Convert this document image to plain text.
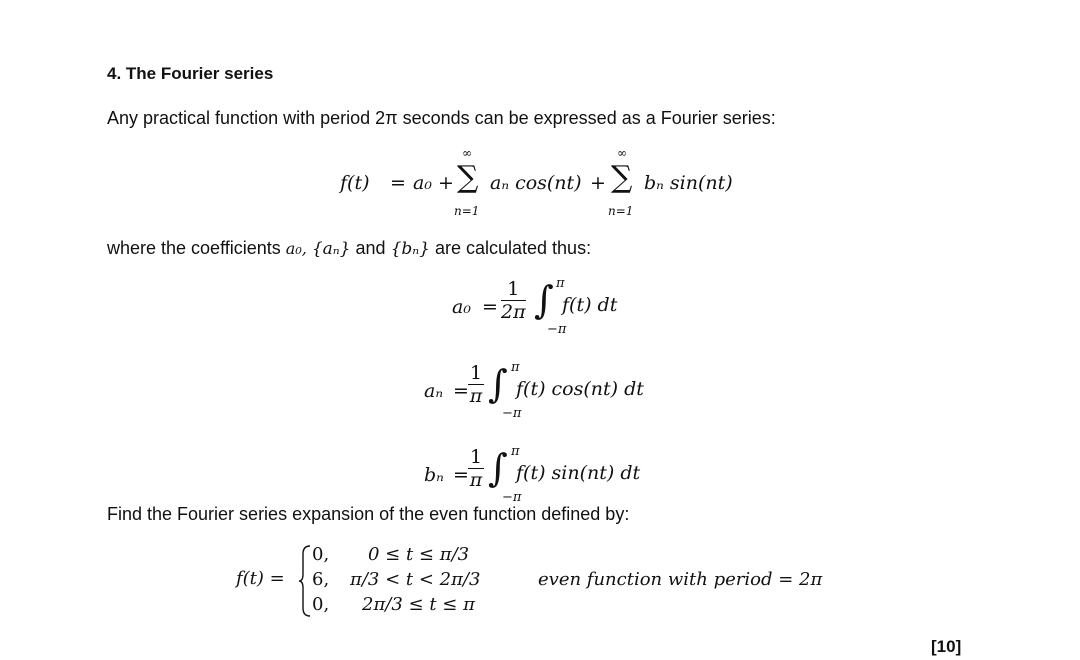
4. The Fourier series
Any practical function with period 2π seconds can be expressed as a Fourier series:
f(t) = a₀ +
∞
∑
n=1
aₙ cos(nt) +
∞
∑
n=1
bₙ sin(nt)
where the coefficients a₀, {aₙ} and {bₙ} are calculated thus:
$a_0 = \frac{1}{2\pi}$ ∫ π
−π
f(t) dt
$a_n = \frac{1}{\pi}$ ∫ π
−π
f(t) cos(nt) dt
$b_n = \frac{1}{\pi}$ ∫ π
−π
f(t) sin(nt) dt
Find the Fourier series expansion of the even function defined by:
f(t) =
0, 0 ≤ t ≤ π/3
6, π/3 < t < 2π/3
0, 2π/3 ≤ t ≤ π
even function with period = 2π
[10]
